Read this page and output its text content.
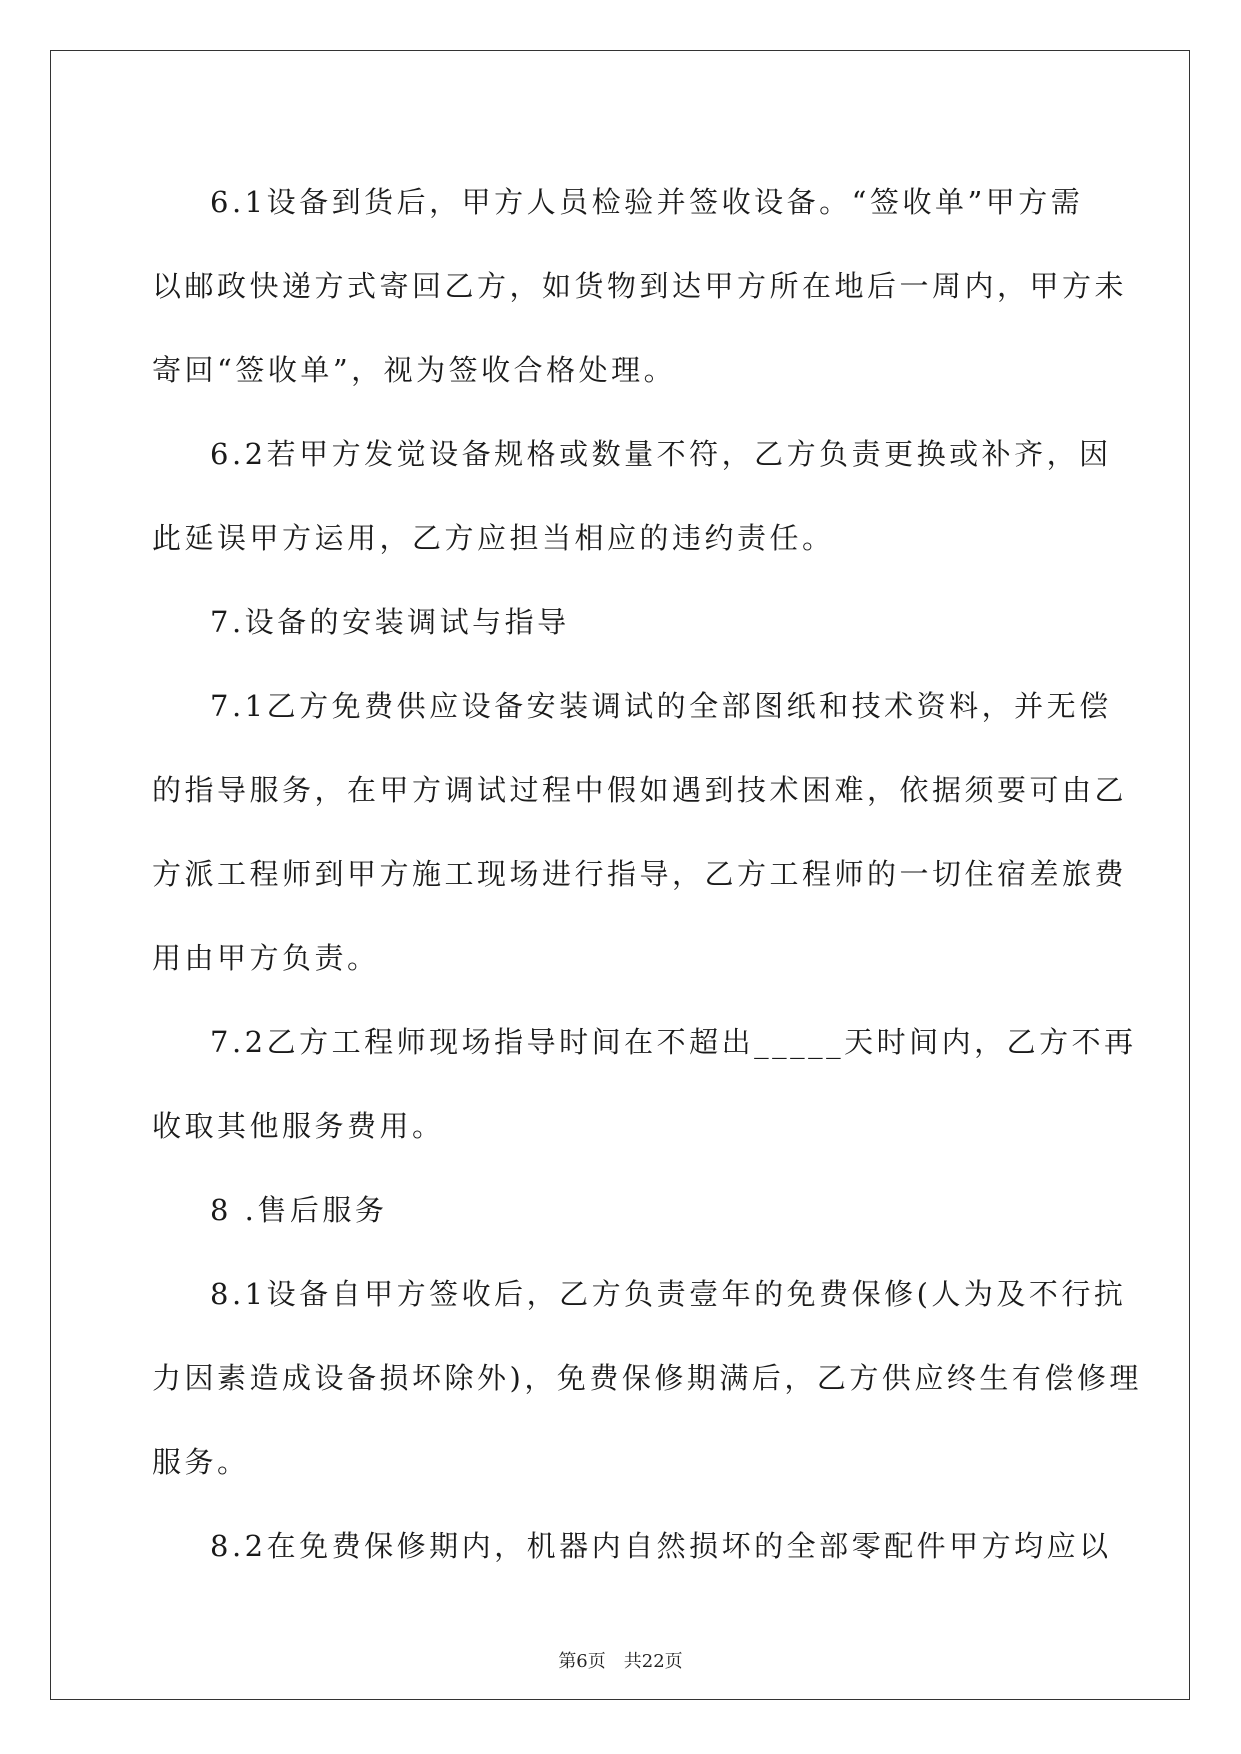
6.1设备到货后，甲方人员检验并签收设备。“签收单”甲方需
以邮政快递方式寄回乙方，如货物到达甲方所在地后一周内，甲方未
寄回“签收单”，视为签收合格处理。
6.2若甲方发觉设备规格或数量不符，乙方负责更换或补齐，因
此延误甲方运用，乙方应担当相应的违约责任。
7.设备的安装调试与指导
7.1乙方免费供应设备安装调试的全部图纸和技术资料，并无偿
的指导服务，在甲方调试过程中假如遇到技术困难，依据须要可由乙
方派工程师到甲方施工现场进行指导，乙方工程师的一切住宿差旅费
用由甲方负责。
7.2乙方工程师现场指导时间在不超出_____天时间内，乙方不再
收取其他服务费用。
8 .售后服务
8.1设备自甲方签收后，乙方负责壹年的免费保修(人为及不行抗
力因素造成设备损坏除外)，免费保修期满后，乙方供应终生有偿修理
服务。
8.2在免费保修期内，机器内自然损坏的全部零配件甲方均应以
第6页　共22页
